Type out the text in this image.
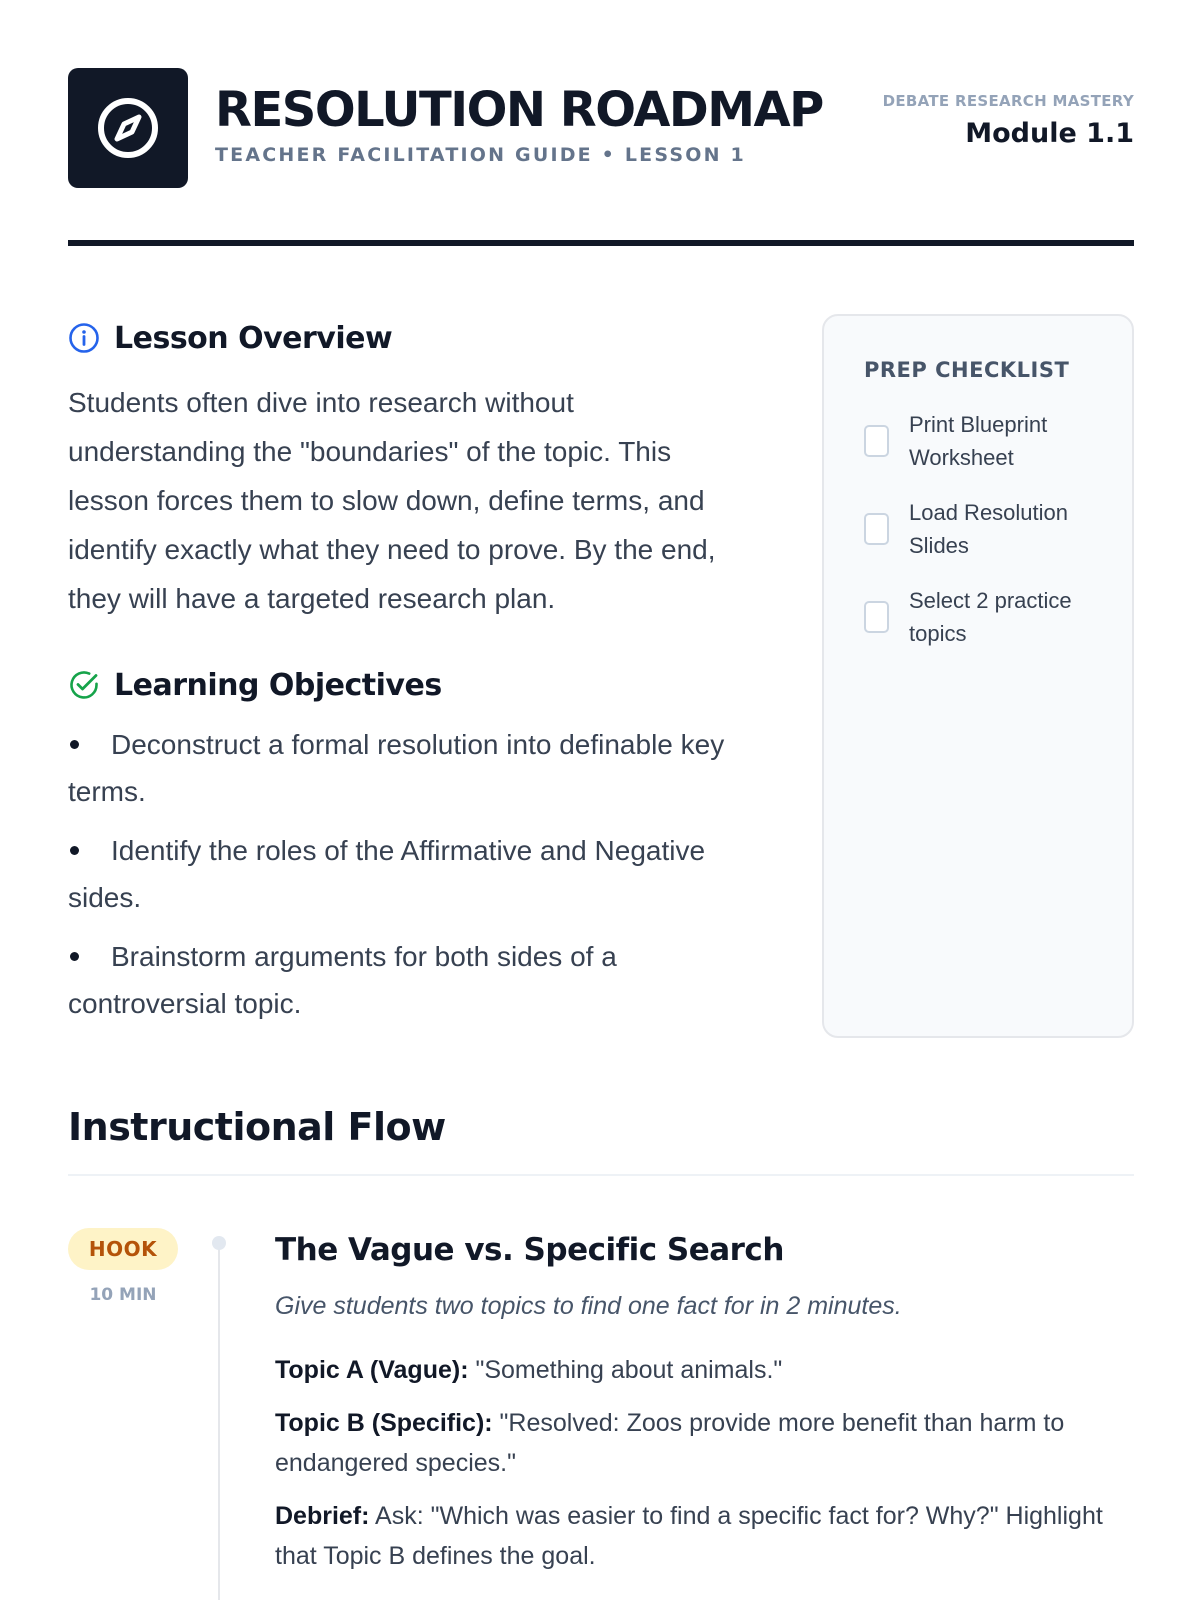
RESOLUTION ROADMAP
TEACHER FACILITATION GUIDE • LESSON 1
DEBATE RESEARCH MASTERY
Module 1.1
Lesson Overview

Students often dive into research without understanding the "boundaries" of the topic. This lesson forces them to slow down, define terms, and identify exactly what they need to prove. By the end, they will have a targeted research plan.

Learning Objectives
Deconstruct a formal resolution into definable key terms.
Identify the roles of the Affirmative and Negative sides.
Brainstorm arguments for both sides of a controversial topic.
PREP CHECKLIST
Print Blueprint Worksheet
Load Resolution Slides
Select 2 practice topics
Instructional Flow
HOOK
10 MIN
The Vague vs. Specific Search
Give students two topics to find one fact for in 2 minutes.

Topic A (Vague): "Something about animals."

Topic B (Specific): "Resolved: Zoos provide more benefit than harm to endangered species."

Debrief: Ask: "Which was easier to find a specific fact for? Why?" Highlight that Topic B defines the goal.
